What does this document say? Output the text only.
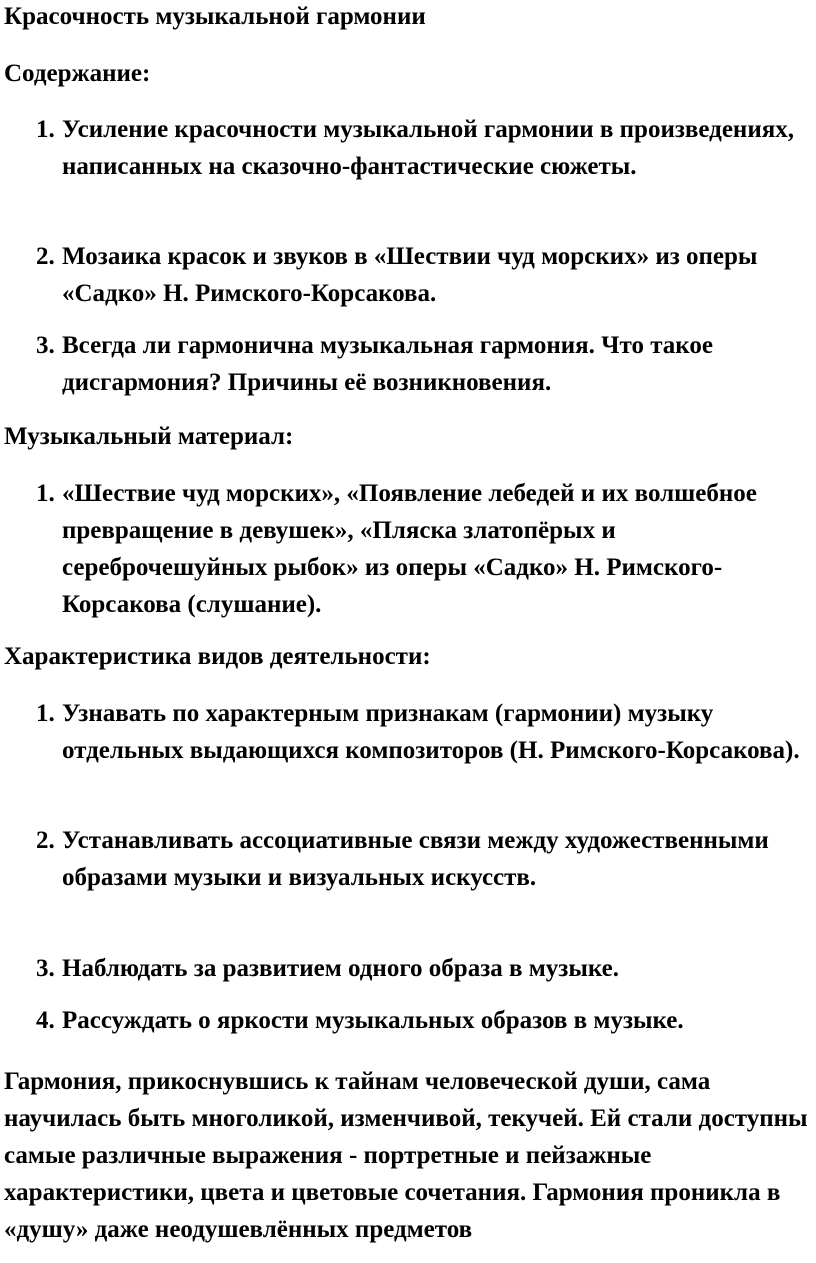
Красочность музыкальной гармонии
Содержание:
1. Усиление красочности музыкальной гармонии в произведениях, написанных на сказочно-фантастические сюжеты.
2. Мозаика красок и звуков в «Шествии чуд морских» из оперы «Садко» Н. Римского-Корсакова.
3. Всегда ли гармонична музыкальная гармония. Что такое дисгармония? Причины её возникновения.
Музыкальный материал:
1. «Шествие чуд морских», «Появление лебедей и их волшебное превращение в девушек», «Пляска златопёрых и сереброчешуйных рыбок» из оперы «Садко» Н. Римского-Корсакова (слушание).
Характеристика видов деятельности:
1. Узнавать по характерным признакам (гармонии) музыку отдельных выдающихся композиторов (Н. Римского-Корсакова).
2. Устанавливать ассоциативные связи между художественными образами музыки и визуальных искусств.
3. Наблюдать за развитием одного образа в музыке.
4. Рассуждать о яркости музыкальных образов в музыке.

Гармония, прикоснувшись к тайнам человеческой души, сама научилась быть многоликой, изменчивой, текучей. Ей стали доступны самые различные выражения - портретные и пейзажные характеристики, цвета и цветовые сочетания. Гармония проникла в «душу» даже неодушевлённых предметов
